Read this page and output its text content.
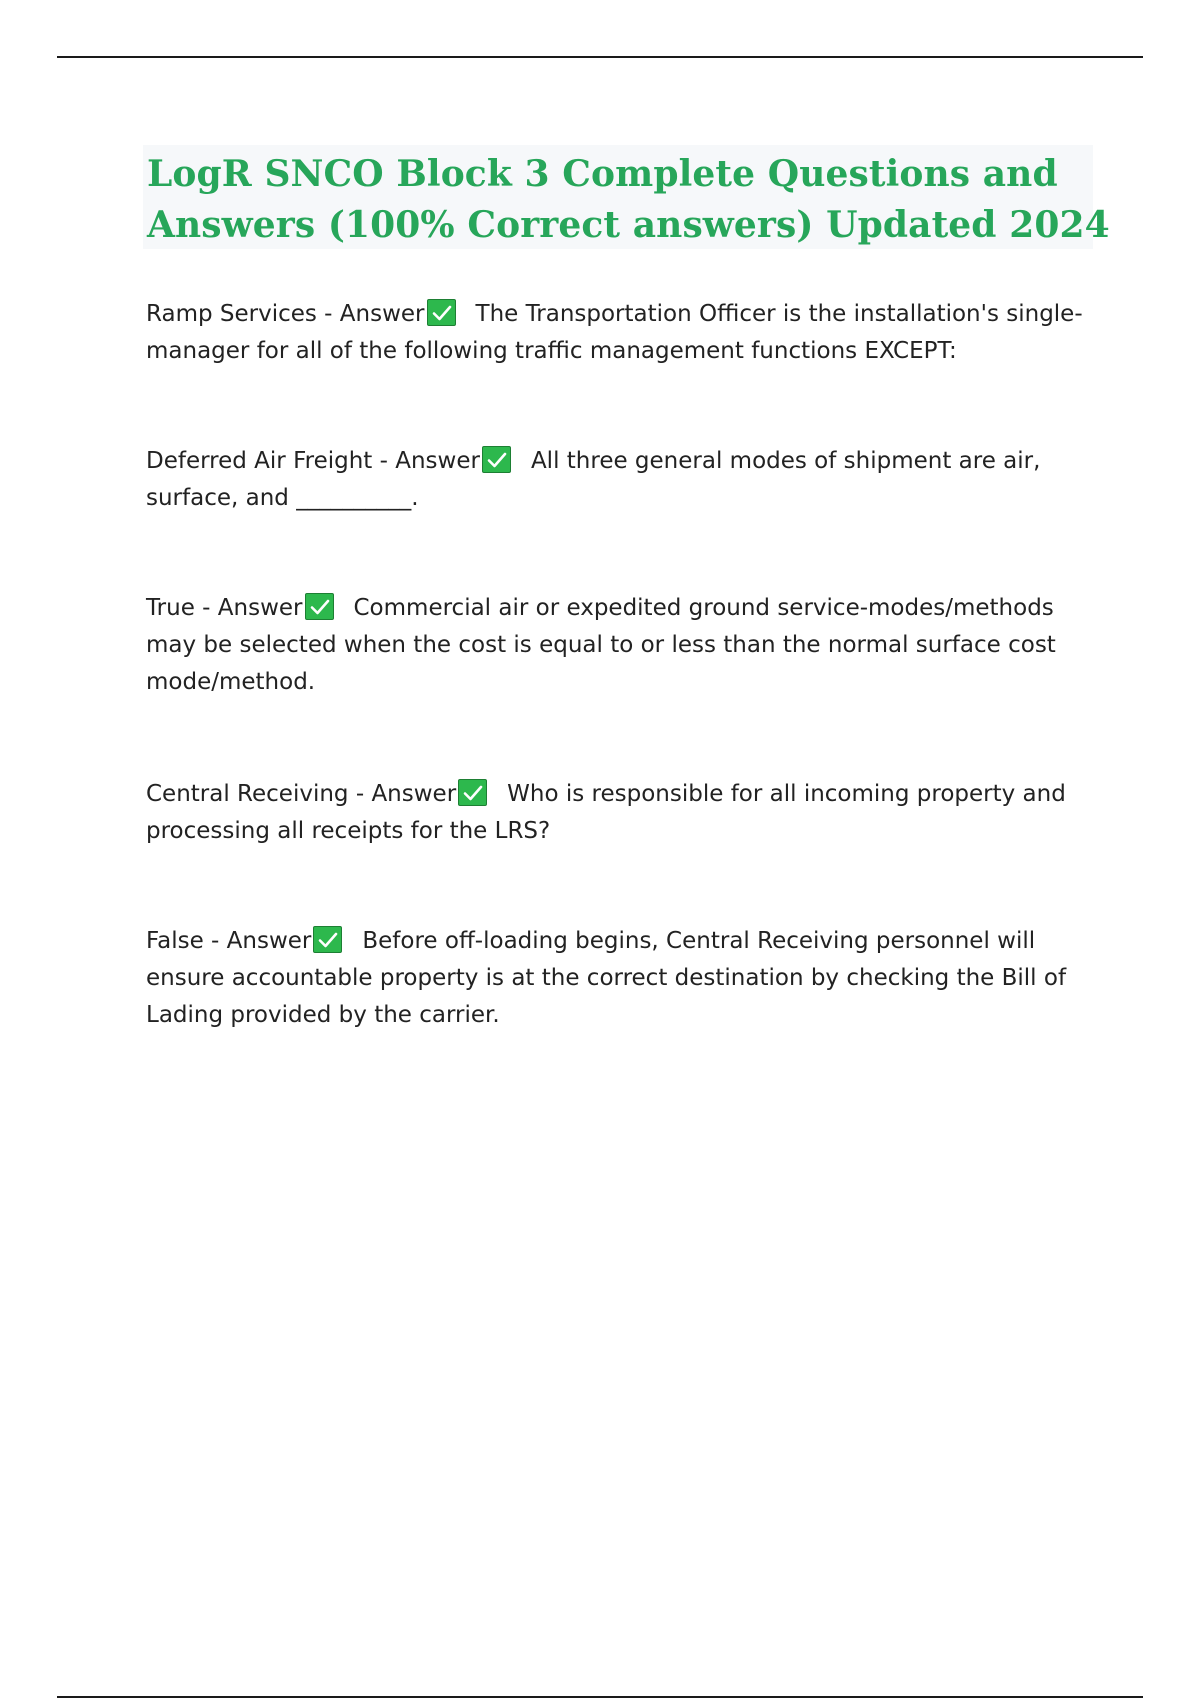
LogR SNCO Block 3 Complete Questions and
Answers (100% Correct answers) Updated 2024
Ramp Services - Answer The Transportation Officer is the installation's single-
manager for all of the following traffic management functions EXCEPT:
Deferred Air Freight - Answer All three general modes of shipment are air,
surface, and __________.
True - Answer Commercial air or expedited ground service-modes/methods
may be selected when the cost is equal to or less than the normal surface cost
mode/method.
Central Receiving - Answer Who is responsible for all incoming property and
processing all receipts for the LRS?
False - Answer Before off-loading begins, Central Receiving personnel will
ensure accountable property is at the correct destination by checking the Bill of
Lading provided by the carrier.
